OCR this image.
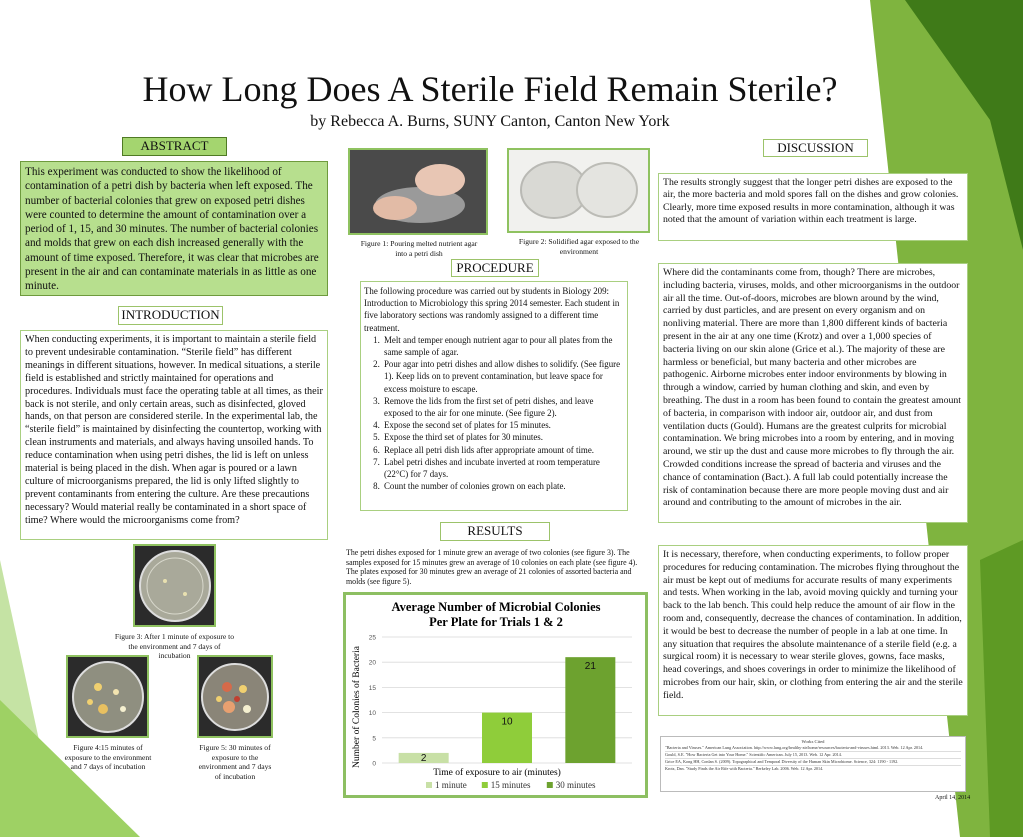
How Long Does A Sterile Field Remain Sterile?
by Rebecca A. Burns, SUNY Canton, Canton New York
ABSTRACT
This experiment was conducted to show the likelihood of contamination of a petri dish by bacteria when left exposed. The number of bacterial colonies that grew on exposed petri dishes were counted to determine the amount of contamination over a period of 1, 15, and 30 minutes. The number of bacterial colonies and molds that grew on each dish increased generally with the amount of time exposed. Therefore, it was clear that microbes are present in the air and can contaminate materials in as little as one minute.
INTRODUCTION
When conducting experiments, it is important to maintain a sterile field to prevent undesirable contamination. “Sterile field” has different meanings in different situations, however. In medical situations, a sterile field is established and strictly maintained for operations and procedures. Individuals must face the operating table at all times, as their back is not sterile, and only certain areas, such as disinfected, gloved hands, on that person are considered sterile. In the experimental lab, the “sterile field” is maintained by disinfecting the countertop, working with clean instruments and materials, and always having unsoiled hands. To reduce contamination when using petri dishes, the lid is left on unless material is being placed in the dish. When agar is poured or a lawn culture of microorganisms prepared, the lid is only lifted slightly to prevent contaminants from entering the culture. Are these precautions necessary? Would material really be contaminated in a short space of time? Where would the microorganisms come from?
Figure 3: After 1 minute of exposure to the environment and 7 days of incubation
Figure 4:15 minutes of exposure to the environment and 7 days of incubation
Figure 5: 30 minutes of exposure to the environment and 7 days of incubation
Figure 1: Pouring melted nutrient agar into a petri dish
Figure 2: Solidified agar exposed to the environment
PROCEDURE
The following procedure was carried out by students in Biology 209: Introduction to Microbiology this spring 2014 semester. Each student in five laboratory sections was randomly assigned to a different time treatment.
1. Melt and temper enough nutrient agar to pour all plates from the same sample of agar.
2. Pour agar into petri dishes and allow dishes to solidify. (See figure 1). Keep lids on to prevent contamination, but leave space for excess moisture to escape.
3. Remove the lids from the first set of petri dishes, and leave exposed to the air for one minute. (See figure 2).
4. Expose the second set of plates for 15 minutes.
5. Expose the third set of plates for 30 minutes.
6. Replace all petri dish lids after appropriate amount of time.
7. Label petri dishes and incubate inverted at room temperature (22°C) for 7 days.
8. Count the number of colonies grown on each plate.
RESULTS
The petri dishes exposed for 1 minute grew an average of two colonies (see figure 3). The samples exposed for 15 minutes grew an average of 10 colonies on each plate (see figure 4). The plates exposed for 30 minutes grew an average of 21 colonies of assorted bacteria and molds (see figure 5).
Average Number of Microbial Colonies
Per Plate for Trials 1 & 2
Number of Colonies of Bacteria 0
5
10
15
20
25
2
10
21
Time of exposure to air (minutes)
1 minute	15 minutes	30 minutes
DISCUSSION
The results strongly suggest that the longer petri dishes are exposed to the air, the more bacteria and mold spores fall on the dishes and grow colonies. Clearly, more time exposed results in more contamination, although it was noted that the amount of variation within each treatment is large.
Where did the contaminants come from, though? There are microbes, including bacteria, viruses, molds, and other microorganisms in the outdoor air all the time. Out-of-doors, microbes are blown around by the wind, carried by dust particles, and are present on every organism and on nonliving material. There are more than 1,800 different kinds of bacteria present in the air at any one time (Krotz) and over a 1,000 species of bacteria living on our skin alone (Grice et al.). The majority of these are harmless or beneficial, but many bacteria and other microbes are pathogenic. Airborne microbes enter indoor environments by blowing in through a window, carried by human clothing and skin, and even by breathing. The dust in a room has been found to contain the greatest amount of bacteria, in comparison with indoor air, outdoor air, and dust from ventilation ducts (Gould). Humans are the greatest culprits for microbial contamination. We bring microbes into a room by entering, and in moving around, we stir up the dust and cause more microbes to fly through the air. Crowded conditions increase the spread of bacteria and viruses and the chance of contamination (Bact.). A full lab could potentially increase the risk of contamination because there are more people moving dust and air around and contributing to the amount of microbes in the air.
It is necessary, therefore, when conducting experiments, to follow proper procedures for reducing contamination. The microbes flying throughout the air must be kept out of mediums for accurate results of many experiments and tests. When working in the lab, avoid moving quickly and turning your back to the lab bench. This could help reduce the amount of air flow in the room and, consequently, decrease the chances of contamination. In addition, it would be best to decrease the number of people in a lab at one time. In any situation that requires the absolute maintenance of a sterile field (e.g. a surgical room) it is necessary to wear sterile gloves, gowns, face masks, head coverings, and shoes coverings in order to minimize the likelihood of microbes from our hair, skin, or clothing from entering the air and the sterile field.
Works Cited
"Bacteria and Viruses." American Lung Association. http://www.lung.org/healthy-air/home/resources/bacteria-and-viruses.html. 2013. Web. 12 Apr. 2014.
Gould, S.E. "How Bacteria Get into Your Home." Scientific American. July 15, 2013. Web. 12 Apr. 2014.
Grice EA, Kong HH, Conlan S. (2009). Topographical and Temporal Diversity of the Human Skin Microbiome. Science, 324: 1190 - 1192.
Krotz, Dan. "Study Finds the Air Rife with Bacteria." Berkeley Lab. 2006. Web. 12 Apr. 2014.
April 14, 2014
